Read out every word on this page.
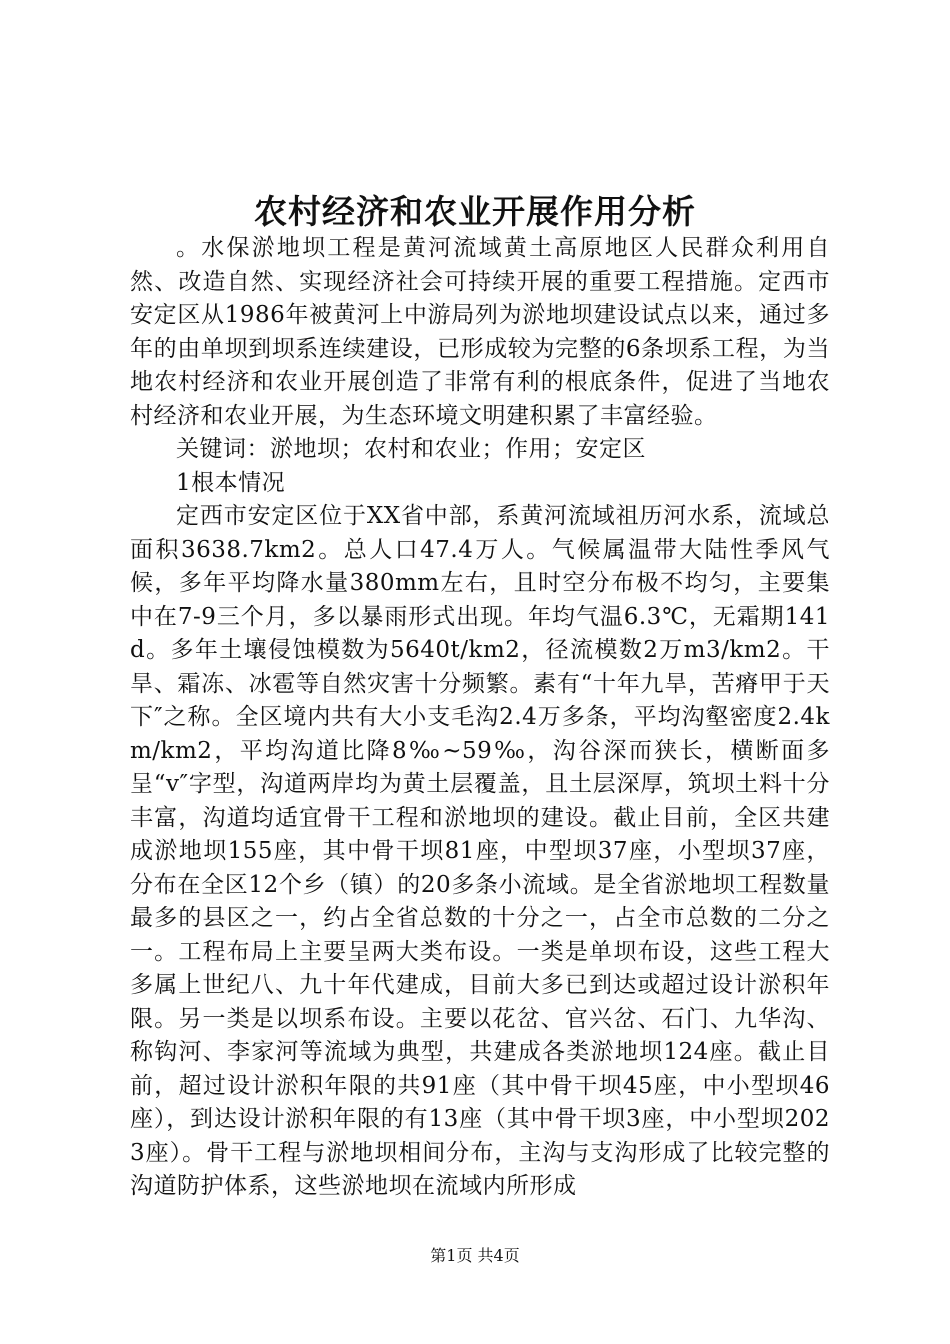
农村经济和农业开展作用分析

。水保淤地坝工程是黄河流域黄土高原地区人民群众利用自然、改造自然、实现经济社会可持续开展的重要工程措施。定西市安定区从1986年被黄河上中游局列为淤地坝建设试点以来，通过多年的由单坝到坝系连续建设，已形成较为完整的6条坝系工程，为当地农村经济和农业开展创造了非常有利的根底条件，促进了当地农村经济和农业开展，为生态环境文明建积累了丰富经验。

关键词：淤地坝；农村和农业；作用；安定区

1根本情况

定西市安定区位于XX省中部，系黄河流域祖历河水系，流域总面积3638.7km2。总人口47.4万人。气候属温带大陆性季风气候，多年平均降水量380mm左右，且时空分布极不均匀，主要集中在7-9三个月，多以暴雨形式出现。年均气温6.3℃，无霜期141d。多年土壤侵蚀模数为5640t/km2，径流模数2万m3/km2。干旱、霜冻、冰雹等自然灾害十分频繁。素有“十年九旱，苦瘠甲于天下″之称。全区境内共有大小支毛沟2.4万多条，平均沟壑密度2.4km/km2，平均沟道比降8‰~59‰，沟谷深而狭长，横断面多呈“v″字型，沟道两岸均为黄土层覆盖，且土层深厚，筑坝土料十分丰富，沟道均适宜骨干工程和淤地坝的建设。截止目前，全区共建成淤地坝155座，其中骨干坝81座，中型坝37座，小型坝37座，分布在全区12个乡（镇）的20多条小流域。是全省淤地坝工程数量最多的县区之一，约占全省总数的十分之一，占全市总数的二分之一。工程布局上主要呈两大类布设。一类是单坝布设，这些工程大多属上世纪八、九十年代建成，目前大多已到达或超过设计淤积年限。另一类是以坝系布设。主要以花岔、官兴岔、石门、九华沟、称钩河、李家河等流域为典型，共建成各类淤地坝124座。截止目前，超过设计淤积年限的共91座（其中骨干坝45座，中小型坝46座），到达设计淤积年限的有13座（其中骨干坝3座，中小型坝2023座）。骨干工程与淤地坝相间分布，主沟与支沟形成了比较完整的沟道防护体系，这些淤地坝在流域内所形成

第1页 共4页
